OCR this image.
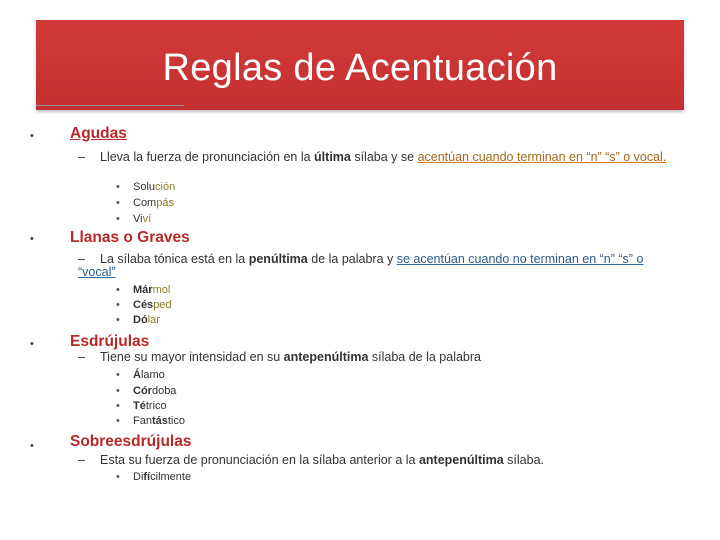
Reglas de Acentuación
• Agudas
– Lleva la fuerza de pronunciación en la última sílaba y se acentúan cuando terminan en “n” “s” o vocal.
• Solución
• Compás
• Viví
• Llanas o Graves
– La sílaba tónica está en la penúltima de la palabra y se acentúan cuando no terminan en “n” “s” o “vocal”
• Mármol
• Césped
• Dólar
• Esdrújulas
– Tiene su mayor intensidad en su antepenúltima sílaba de la palabra
• Álamo
• Córdoba
• Tétrico
• Fantástico
• Sobreesdrújulas
– Esta su fuerza de pronunciación en la sílaba anterior a la antepenúltima sílaba.
• Difícilmente
